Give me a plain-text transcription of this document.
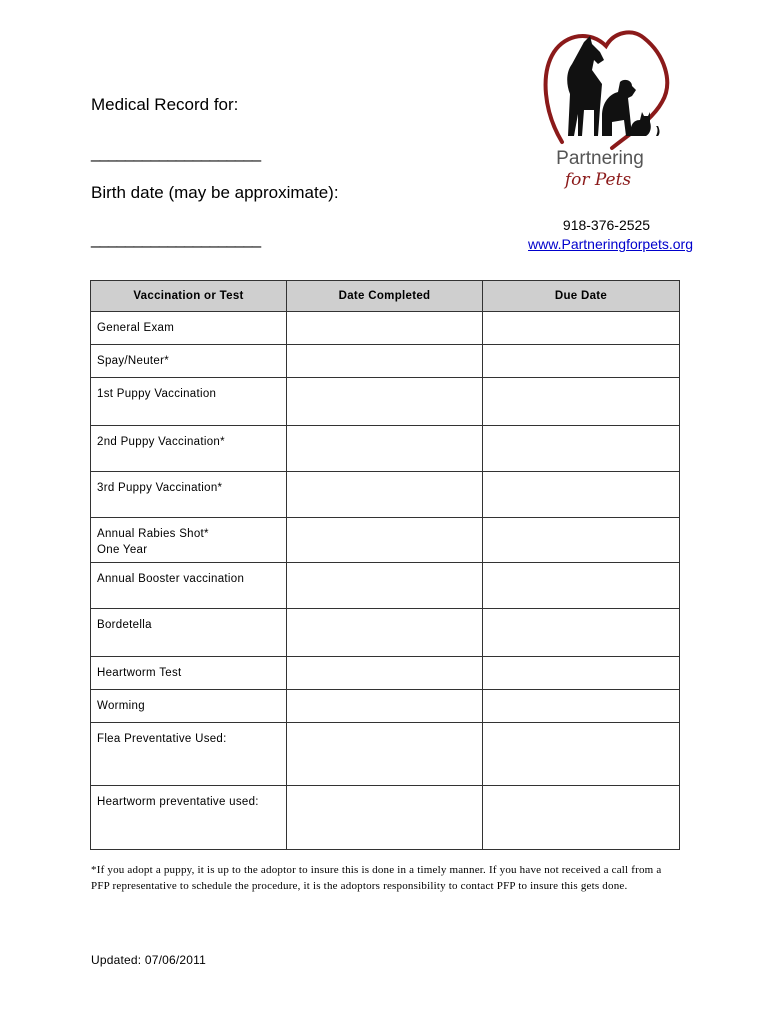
Medical Record for:
____________________
Birth date (may be approximate):
____________________
Partnering
for Pets
918-376-2525
www.Partneringforpets.org
Vaccination or Test	Date Completed	Due Date
General Exam		
Spay/Neuter*		
1st Puppy Vaccination		
2nd Puppy Vaccination*		
3rd Puppy Vaccination*		

Annual Rabies Shot*
One Year		

Annual Booster vaccination		
Bordetella		
Heartworm Test		
Worming		
Flea Preventative Used:		
Heartworm preventative used:		
*If you adopt a puppy, it is up to the adoptor to insure this is done in a timely manner. If you have not received a call from a PFP representative to schedule the procedure, it is the adoptors responsibility to contact PFP to insure this gets done.
Updated: 07/06/2011
